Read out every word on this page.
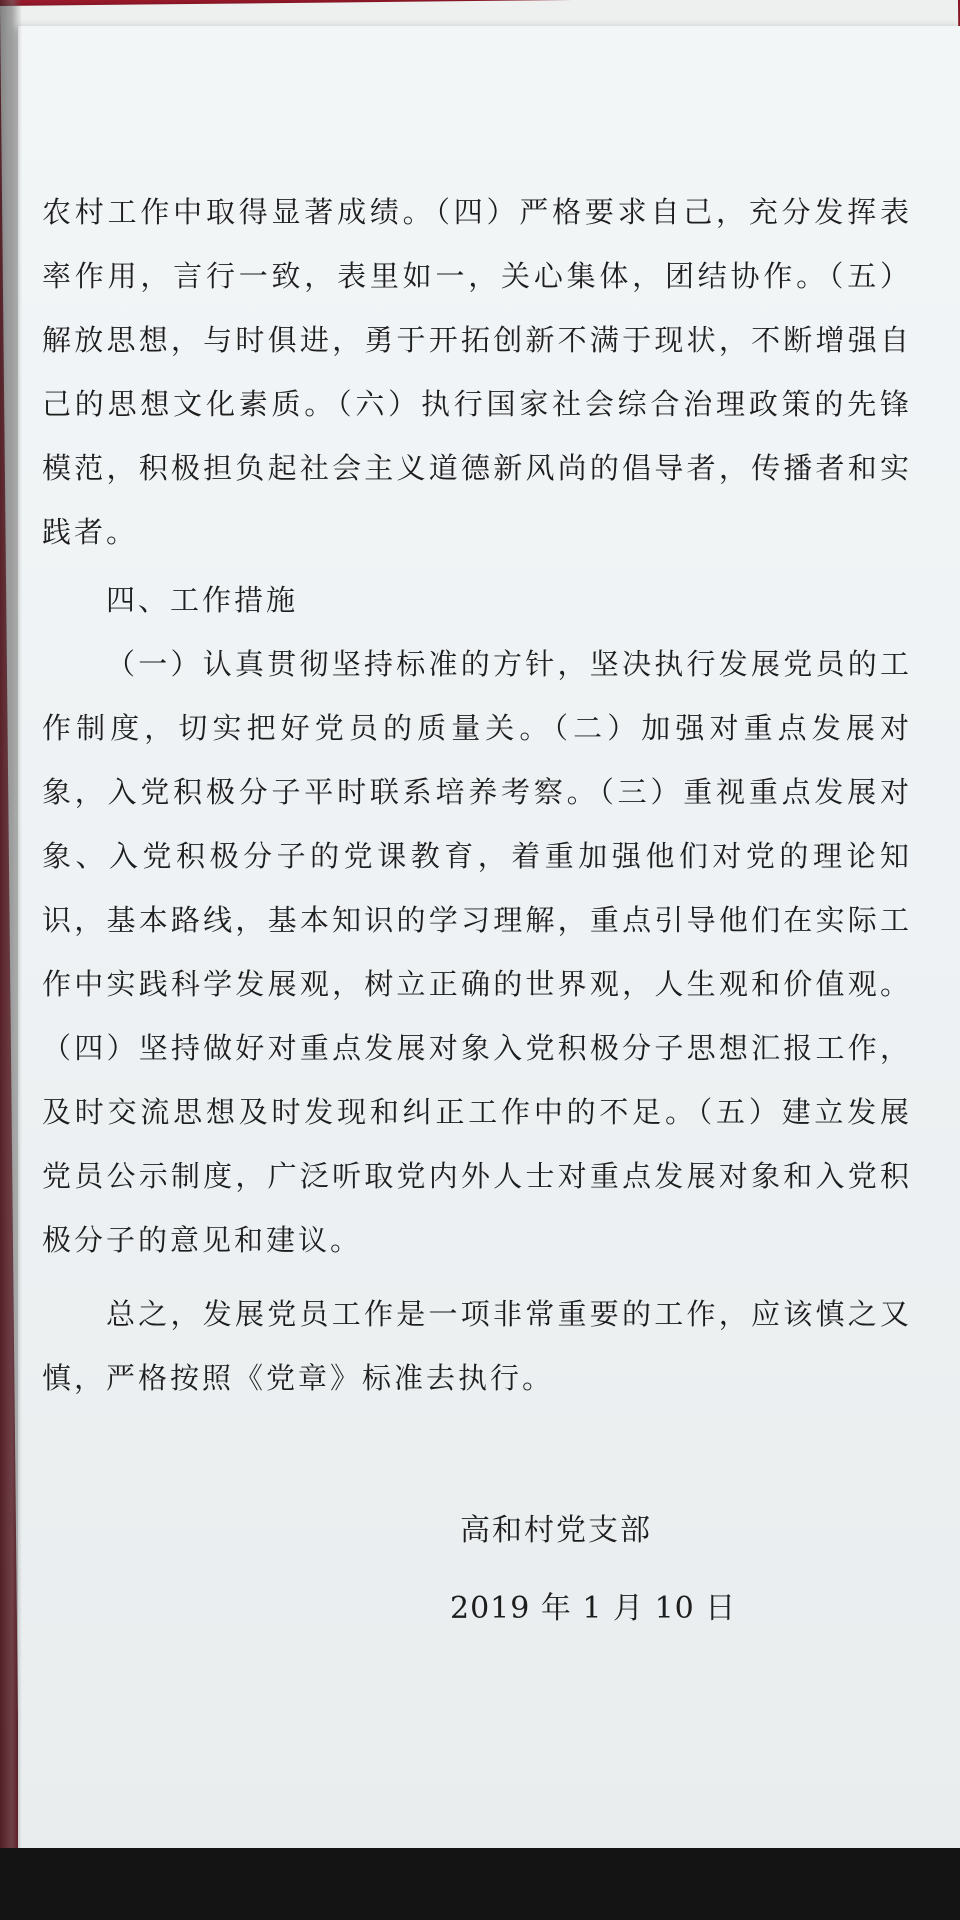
农村工作中取得显著成绩。（四）严格要求自己，充分发挥表率作用，言行一致，表里如一，关心集体，团结协作。（五）解放思想，与时俱进，勇于开拓创新不满于现状，不断增强自己的思想文化素质。（六）执行国家社会综合治理政策的先锋模范，积极担负起社会主义道德新风尚的倡导者，传播者和实践者。

四、工作措施

（一）认真贯彻坚持标准的方针，坚决执行发展党员的工作制度，切实把好党员的质量关。（二）加强对重点发展对象，入党积极分子平时联系培养考察。（三）重视重点发展对象、入党积极分子的党课教育，着重加强他们对党的理论知识，基本路线，基本知识的学习理解，重点引导他们在实际工作中实践科学发展观，树立正确的世界观，人生观和价值观。（四）坚持做好对重点发展对象入党积极分子思想汇报工作，及时交流思想及时发现和纠正工作中的不足。（五）建立发展党员公示制度，广泛听取党内外人士对重点发展对象和入党积极分子的意见和建议。

总之，发展党员工作是一项非常重要的工作，应该慎之又慎，严格按照《党章》标准去执行。

高和村党支部
2019 年 1 月 10 日
